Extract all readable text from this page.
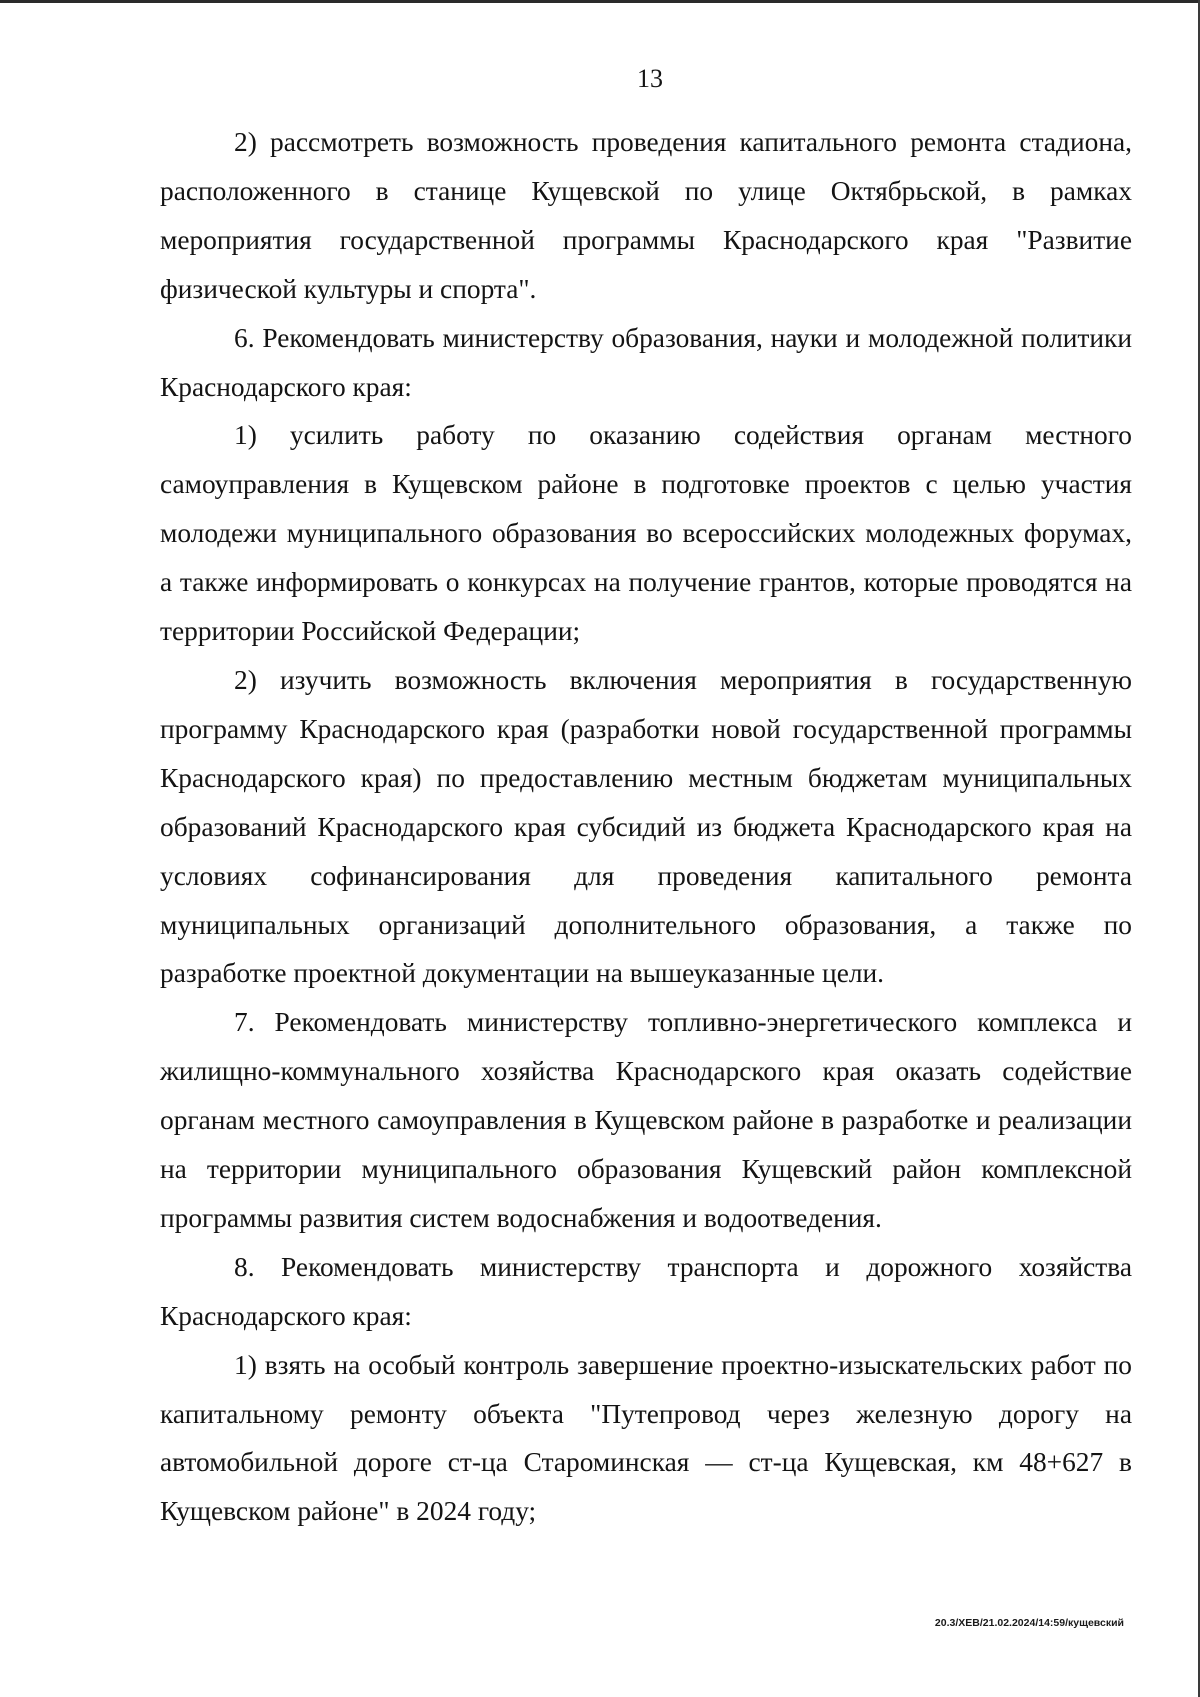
13

2) рассмотреть возможность проведения капитального ремонта стадиона, расположенного в станице Кущевской по улице Октябрьской, в рамках мероприятия государственной программы Краснодарского края "Развитие физической культуры и спорта".

6. Рекомендовать министерству образования, науки и молодежной политики Краснодарского края:

1) усилить работу по оказанию содействия органам местного самоуправления в Кущевском районе в подготовке проектов с целью участия молодежи муниципального образования во всероссийских молодежных форумах, а также информировать о конкурсах на получение грантов, которые проводятся на территории Российской Федерации;

2) изучить возможность включения мероприятия в государственную программу Краснодарского края (разработки новой государственной программы Краснодарского края) по предоставлению местным бюджетам муниципальных образований Краснодарского края субсидий из бюджета Краснодарского края на условиях софинансирования для проведения капитального ремонта муниципальных организаций дополнительного образования, а также по разработке проектной документации на вышеуказанные цели.

7. Рекомендовать министерству топливно-энергетического комплекса и жилищно-коммунального хозяйства Краснодарского края оказать содействие органам местного самоуправления в Кущевском районе в разработке и реализации на территории муниципального образования Кущевский район комплексной программы развития систем водоснабжения и водоотведения.

8. Рекомендовать министерству транспорта и дорожного хозяйства Краснодарского края:

1) взять на особый контроль завершение проектно-изыскательских работ по капитальному ремонту объекта "Путепровод через железную дорогу на автомобильной дороге ст-ца Староминская — ст-ца Кущевская, км 48+627 в Кущевском районе" в 2024 году;

20.3/ХЕВ/21.02.2024/14:59/кущевский
